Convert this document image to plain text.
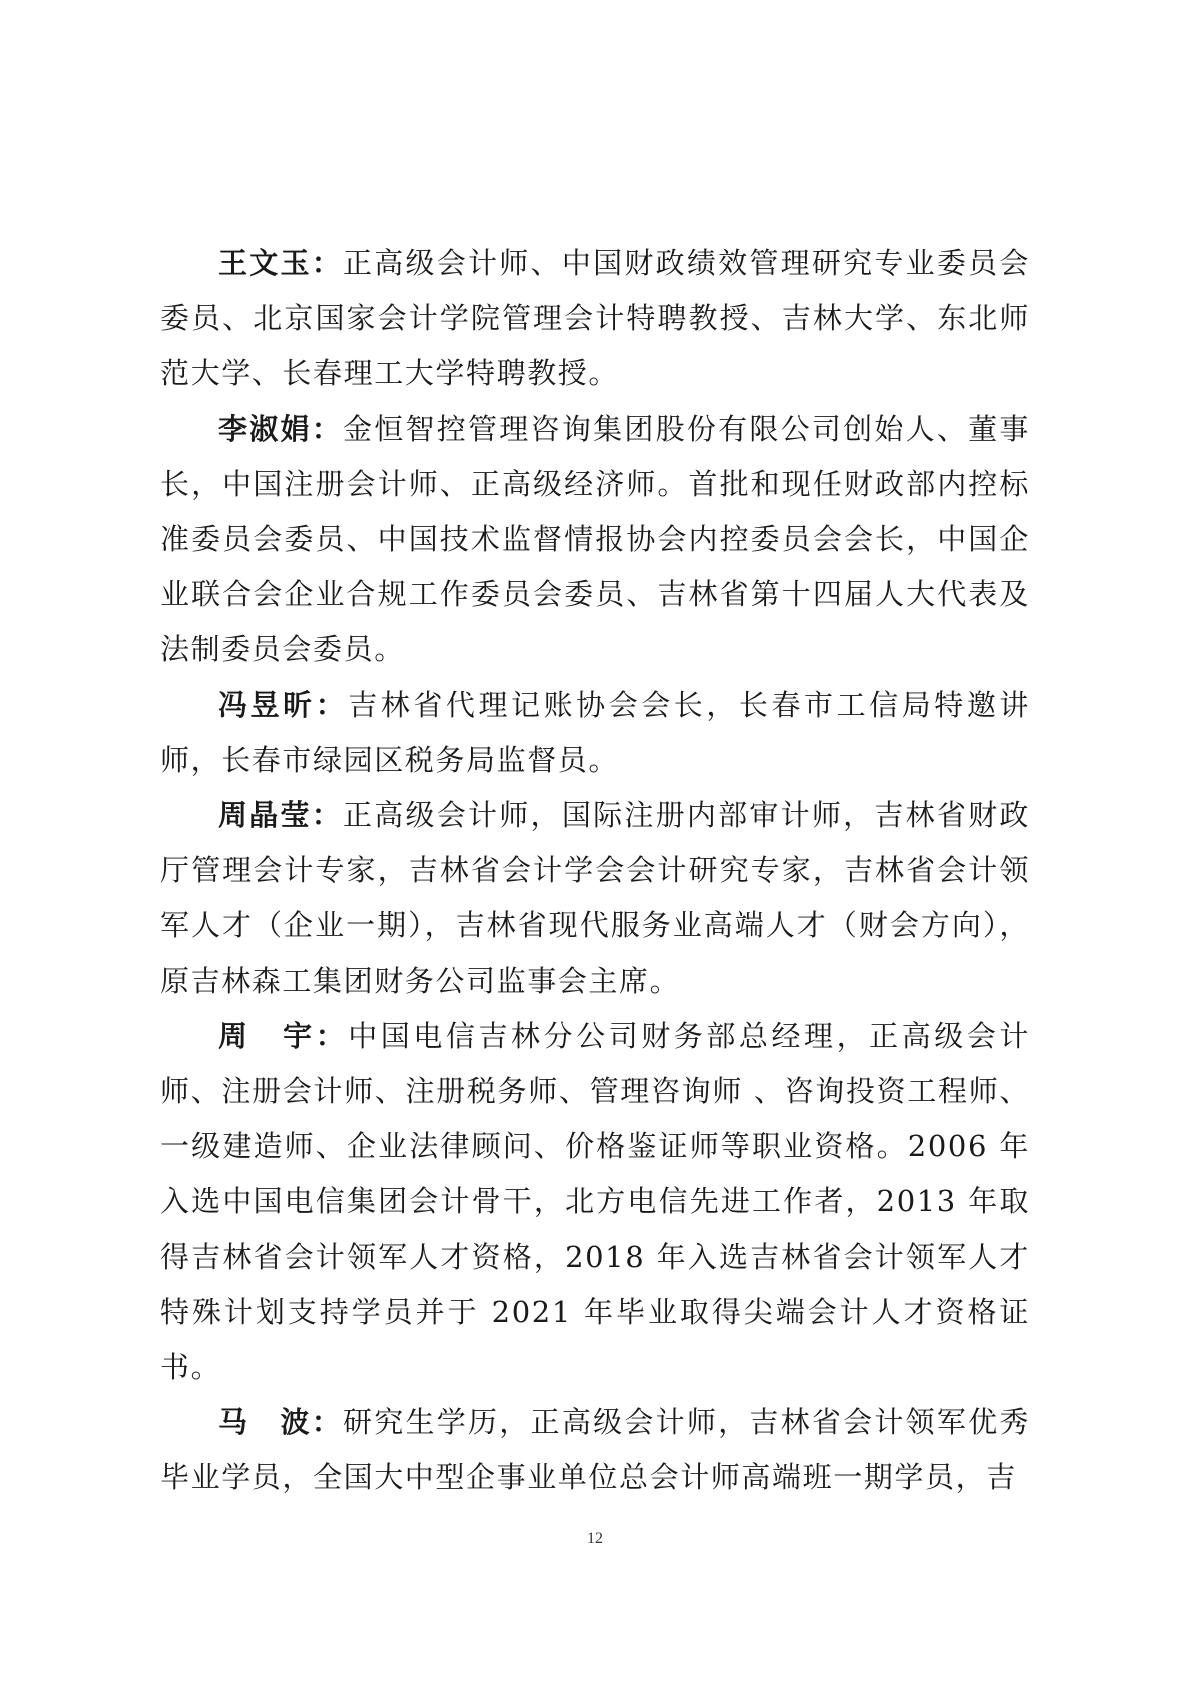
王文玉：正高级会计师、中国财政绩效管理研究专业委员会委员、北京国家会计学院管理会计特聘教授、吉林大学、东北师范大学、长春理工大学特聘教授。

李淑娟：金恒智控管理咨询集团股份有限公司创始人、董事长，中国注册会计师、正高级经济师。首批和现任财政部内控标准委员会委员、中国技术监督情报协会内控委员会会长，中国企业联合会企业合规工作委员会委员、吉林省第十四届人大代表及法制委员会委员。

冯昱昕：吉林省代理记账协会会长，长春市工信局特邀讲师，长春市绿园区税务局监督员。

周晶莹：正高级会计师，国际注册内部审计师，吉林省财政厅管理会计专家，吉林省会计学会会计研究专家，吉林省会计领军人才（企业一期），吉林省现代服务业高端人才（财会方向），原吉林森工集团财务公司监事会主席。

周　宇：中国电信吉林分公司财务部总经理，正高级会计师、注册会计师、注册税务师、管理咨询师 、咨询投资工程师、一级建造师、企业法律顾问、价格鉴证师等职业资格。2006 年入选中国电信集团会计骨干，北方电信先进工作者，2013 年取得吉林省会计领军人才资格，2018 年入选吉林省会计领军人才特殊计划支持学员并于 2021 年毕业取得尖端会计人才资格证书。

马　波：研究生学历，正高级会计师，吉林省会计领军优秀毕业学员，全国大中型企事业单位总会计师高端班一期学员，吉

12
